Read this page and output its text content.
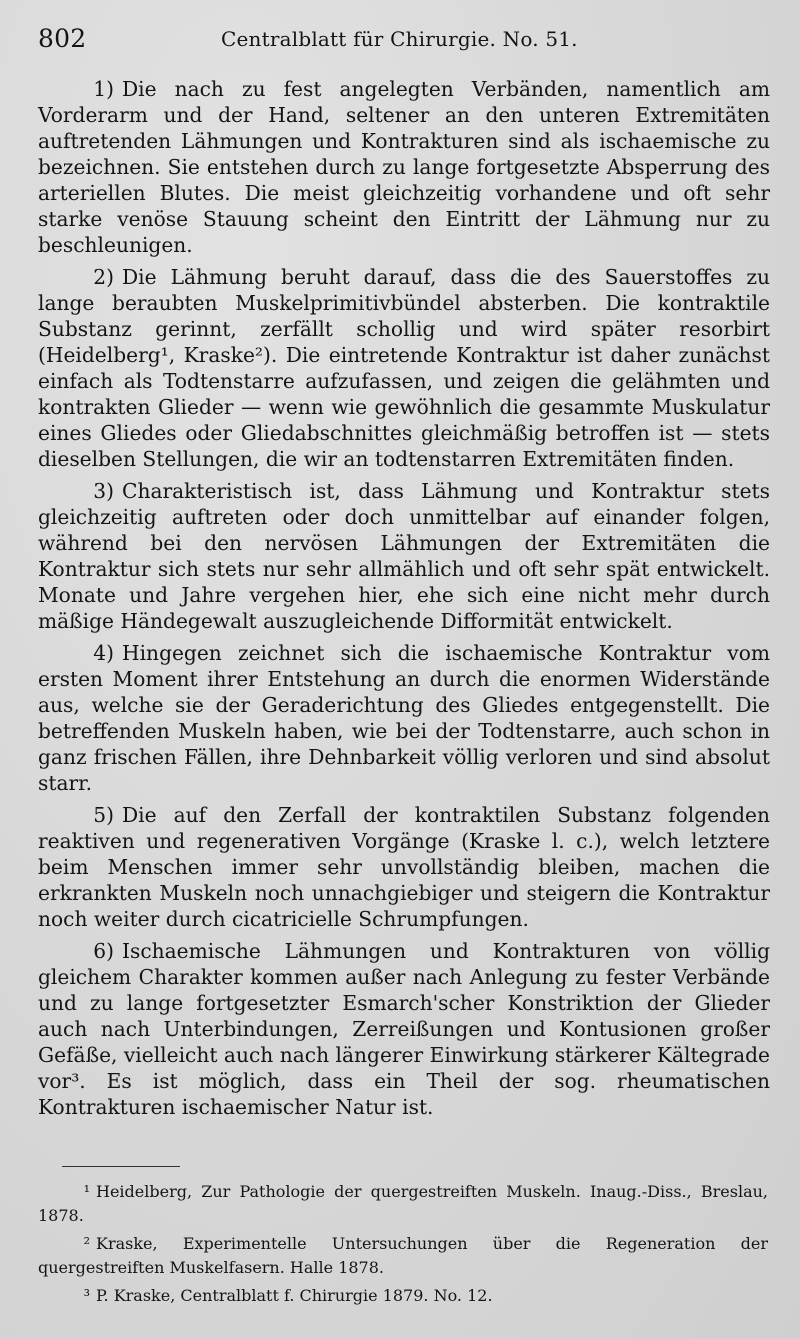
802	Centralblatt für Chirurgie. No. 51.

1) Die nach zu fest angelegten Verbänden, namentlich am Vorderarm und der Hand, seltener an den unteren Extremitäten auftretenden Lähmungen und Kontrakturen sind als ischaemische zu bezeichnen. Sie entstehen durch zu lange fortgesetzte Absperrung des arteriellen Blutes. Die meist gleichzeitig vorhandene und oft sehr starke venöse Stauung scheint den Eintritt der Lähmung nur zu beschleunigen.

2) Die Lähmung beruht darauf, dass die des Sauerstoffes zu lange beraubten Muskelprimitivbündel absterben. Die kontraktile Substanz gerinnt, zerfällt schollig und wird später resorbirt (Heidelberg¹, Kraske²). Die eintretende Kontraktur ist daher zunächst einfach als Todtenstarre aufzufassen, und zeigen die gelähmten und kontrakten Glieder — wenn wie gewöhnlich die gesammte Muskulatur eines Gliedes oder Gliedabschnittes gleichmäßig betroffen ist — stets dieselben Stellungen, die wir an todtenstarren Extremitäten finden.

3) Charakteristisch ist, dass Lähmung und Kontraktur stets gleichzeitig auftreten oder doch unmittelbar auf einander folgen, während bei den nervösen Lähmungen der Extremitäten die Kontraktur sich stets nur sehr allmählich und oft sehr spät entwickelt. Monate und Jahre vergehen hier, ehe sich eine nicht mehr durch mäßige Händegewalt auszugleichende Difformität entwickelt.

4) Hingegen zeichnet sich die ischaemische Kontraktur vom ersten Moment ihrer Entstehung an durch die enormen Widerstände aus, welche sie der Geraderichtung des Gliedes entgegenstellt. Die betreffenden Muskeln haben, wie bei der Todtenstarre, auch schon in ganz frischen Fällen, ihre Dehnbarkeit völlig verloren und sind absolut starr.

5) Die auf den Zerfall der kontraktilen Substanz folgenden reaktiven und regenerativen Vorgänge (Kraske l. c.), welch letztere beim Menschen immer sehr unvollständig bleiben, machen die erkrankten Muskeln noch unnachgiebiger und steigern die Kontraktur noch weiter durch cicatricielle Schrumpfungen.

6) Ischaemische Lähmungen und Kontrakturen von völlig gleichem Charakter kommen außer nach Anlegung zu fester Verbände und zu lange fortgesetzter Esmarch'scher Konstriktion der Glieder auch nach Unterbindungen, Zerreißungen und Kontusionen großer Gefäße, vielleicht auch nach längerer Einwirkung stärkerer Kältegrade vor³. Es ist möglich, dass ein Theil der sog. rheumatischen Kontrakturen ischaemischer Natur ist.

¹ Heidelberg, Zur Pathologie der quergestreiften Muskeln. Inaug.-Diss., Breslau, 1878.

² Kraske, Experimentelle Untersuchungen über die Regeneration der quergestreiften Muskelfasern. Halle 1878.

³ P. Kraske, Centralblatt f. Chirurgie 1879. No. 12.
